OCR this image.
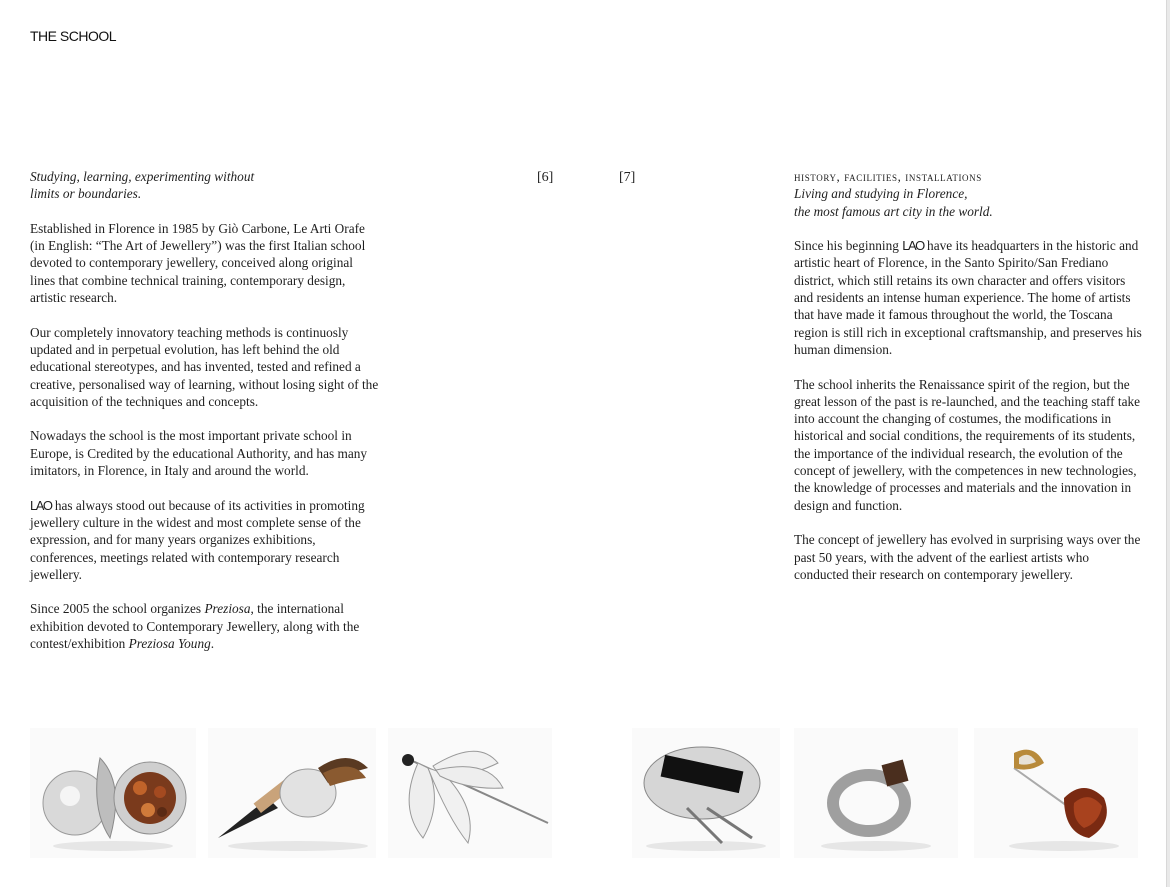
THE SCHOOL
[6]	[7]

Studying, learning, experimenting without
limits or boundaries.

Established in Florence in 1985 by Giò Carbone, Le Arti Orafe (in English: “The Art of Jewellery”) was the first Italian school devoted to contemporary jewellery, conceived along original lines that combine technical training, contemporary design, artistic research.

Our completely innovatory teaching methods is continuosly updated and in perpetual evolution, has left behind the old educational stereotypes, and has invented, tested and refined a creative, personalised way of learning, without losing sight of the acquisition of the techniques and concepts.

Nowadays the school is the most important private school in Europe, is Credited by the educational Authority, and has many imitators, in Florence, in Italy and around the world.

LAO has always stood out because of its activities in promoting jewellery culture in the widest and most complete sense of the expression, and for many years organizes exhibitions, conferences, meetings related with contemporary research jewellery.

Since 2005 the school organizes Preziosa, the international exhibition devoted to Contemporary Jewellery, along with the contest/exhibition Preziosa Young.

history, facilities, installations

Living and studying in Florence,
the most famous art city in the world.

Since his beginning LAO have its headquarters in the historic and artistic heart of Florence, in the Santo Spirito/San Frediano district, which still retains its own character and offers visitors and residents an intense human experience. The home of artists that have made it famous throughout the world, the Toscana region is still rich in exceptional craftsmanship, and preserves his human dimension.

The school inherits the Renaissance spirit of the region, but the great lesson of the past is re-launched, and the teaching staff take into account the changing of costumes, the modifications in historical and social conditions, the requirements of its students, the importance of the individual research, the evolution of the concept of jewellery, with the competences in new technologies, the knowledge of processes and materials and the innovation in design and function.

The concept of jewellery has evolved in surprising ways over the past 50 years, with the advent of the earliest artists who conducted their research on contemporary jewellery.
